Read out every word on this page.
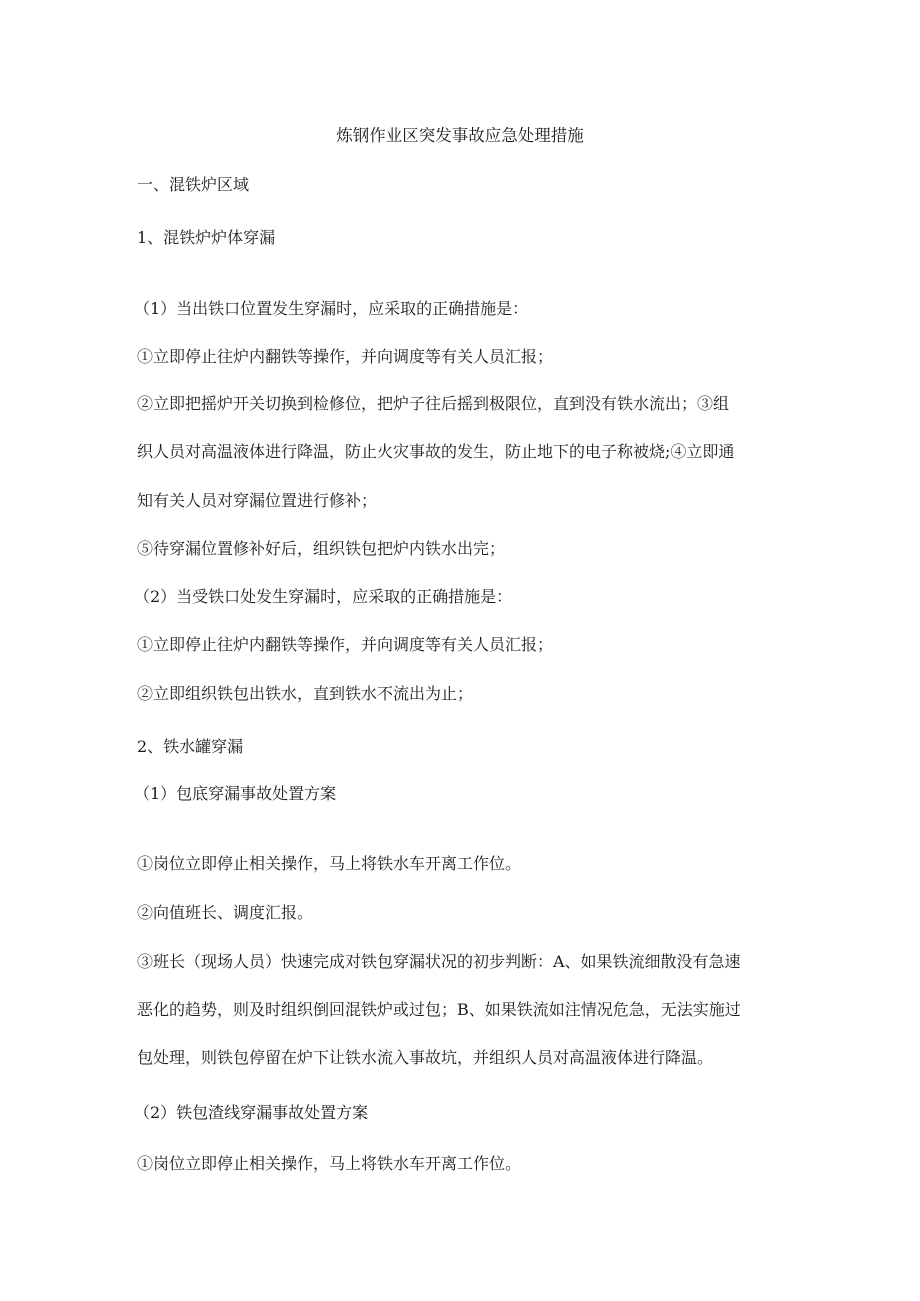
炼钢作业区突发事故应急处理措施
一、混铁炉区域
1、混铁炉炉体穿漏
（1）当出铁口位置发生穿漏时，应采取的正确措施是：
①立即停止往炉内翻铁等操作，并向调度等有关人员汇报；
②立即把摇炉开关切换到检修位，把炉子往后摇到极限位，直到没有铁水流出；③组
织人员对高温液体进行降温，防止火灾事故的发生，防止地下的电子称被烧;④立即通
知有关人员对穿漏位置进行修补；
⑤待穿漏位置修补好后，组织铁包把炉内铁水出完；
（2）当受铁口处发生穿漏时，应采取的正确措施是：
①立即停止往炉内翻铁等操作，并向调度等有关人员汇报；
②立即组织铁包出铁水，直到铁水不流出为止；
2、铁水罐穿漏
（1）包底穿漏事故处置方案
①岗位立即停止相关操作，马上将铁水车开离工作位。
②向值班长、调度汇报。
③班长（现场人员）快速完成对铁包穿漏状况的初步判断：A、如果铁流细散没有急速
恶化的趋势，则及时组织倒回混铁炉或过包；B、如果铁流如注情况危急，无法实施过
包处理，则铁包停留在炉下让铁水流入事故坑，并组织人员对高温液体进行降温。
（2）铁包渣线穿漏事故处置方案
①岗位立即停止相关操作，马上将铁水车开离工作位。
